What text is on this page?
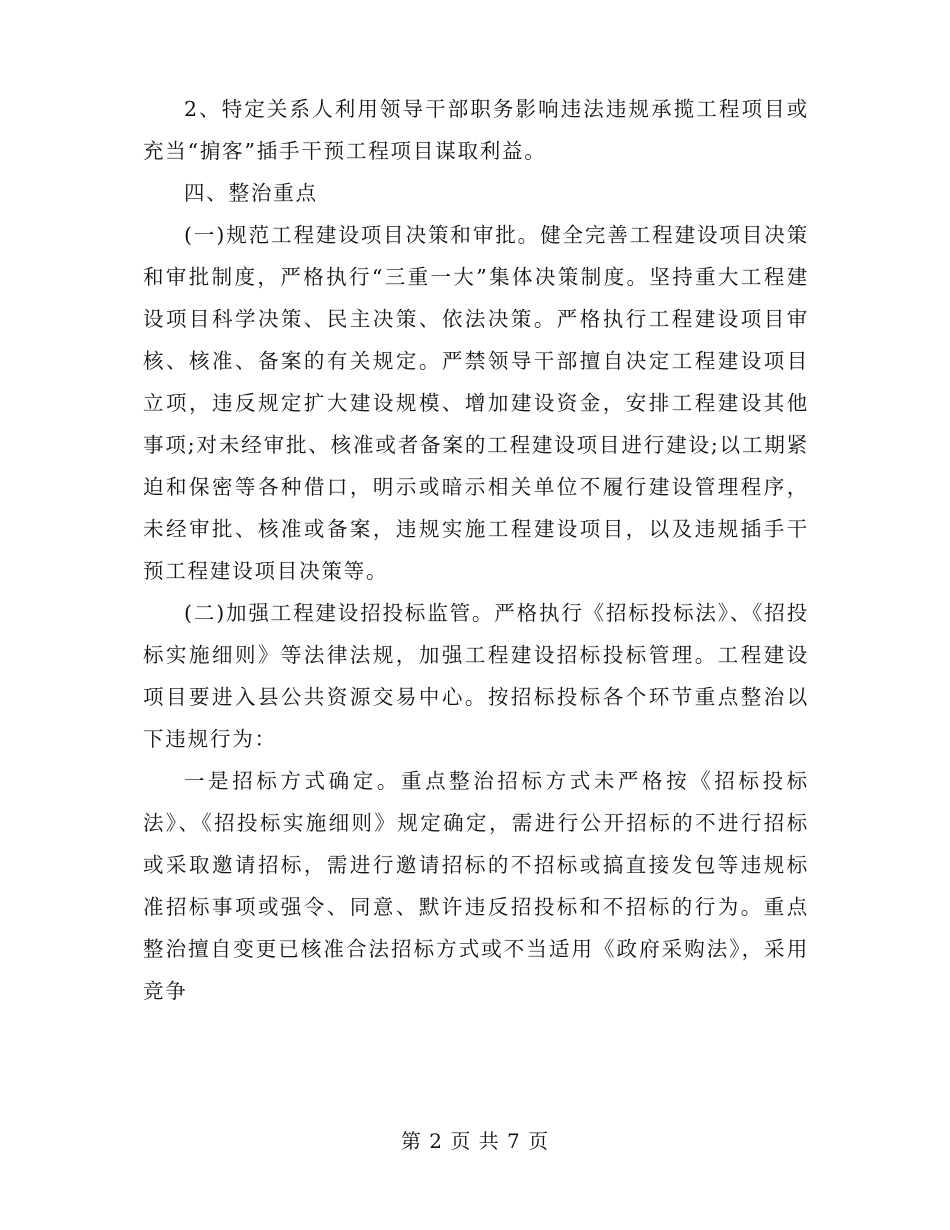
2、特定关系人利用领导干部职务影响违法违规承揽工程项目或充当“掮客”插手干预工程项目谋取利益。

四、整治重点

(一)规范工程建设项目决策和审批。健全完善工程建设项目决策和审批制度，严格执行“三重一大”集体决策制度。坚持重大工程建设项目科学决策、民主决策、依法决策。严格执行工程建设项目审核、核准、备案的有关规定。严禁领导干部擅自决定工程建设项目立项，违反规定扩大建设规模、增加建设资金，安排工程建设其他事项;对未经审批、核准或者备案的工程建设项目进行建设;以工期紧迫和保密等各种借口，明示或暗示相关单位不履行建设管理程序，未经审批、核准或备案，违规实施工程建设项目，以及违规插手干预工程建设项目决策等。

(二)加强工程建设招投标监管。严格执行《招标投标法》、《招投标实施细则》等法律法规，加强工程建设招标投标管理。工程建设项目要进入县公共资源交易中心。按招标投标各个环节重点整治以下违规行为：

一是招标方式确定。重点整治招标方式未严格按《招标投标法》、《招投标实施细则》规定确定，需进行公开招标的不进行招标或采取邀请招标，需进行邀请招标的不招标或搞直接发包等违规标准招标事项或强令、同意、默许违反招投标和不招标的行为。重点整治擅自变更已核准合法招标方式或不当适用《政府采购法》，采用竞争

第 2 页 共 7 页
